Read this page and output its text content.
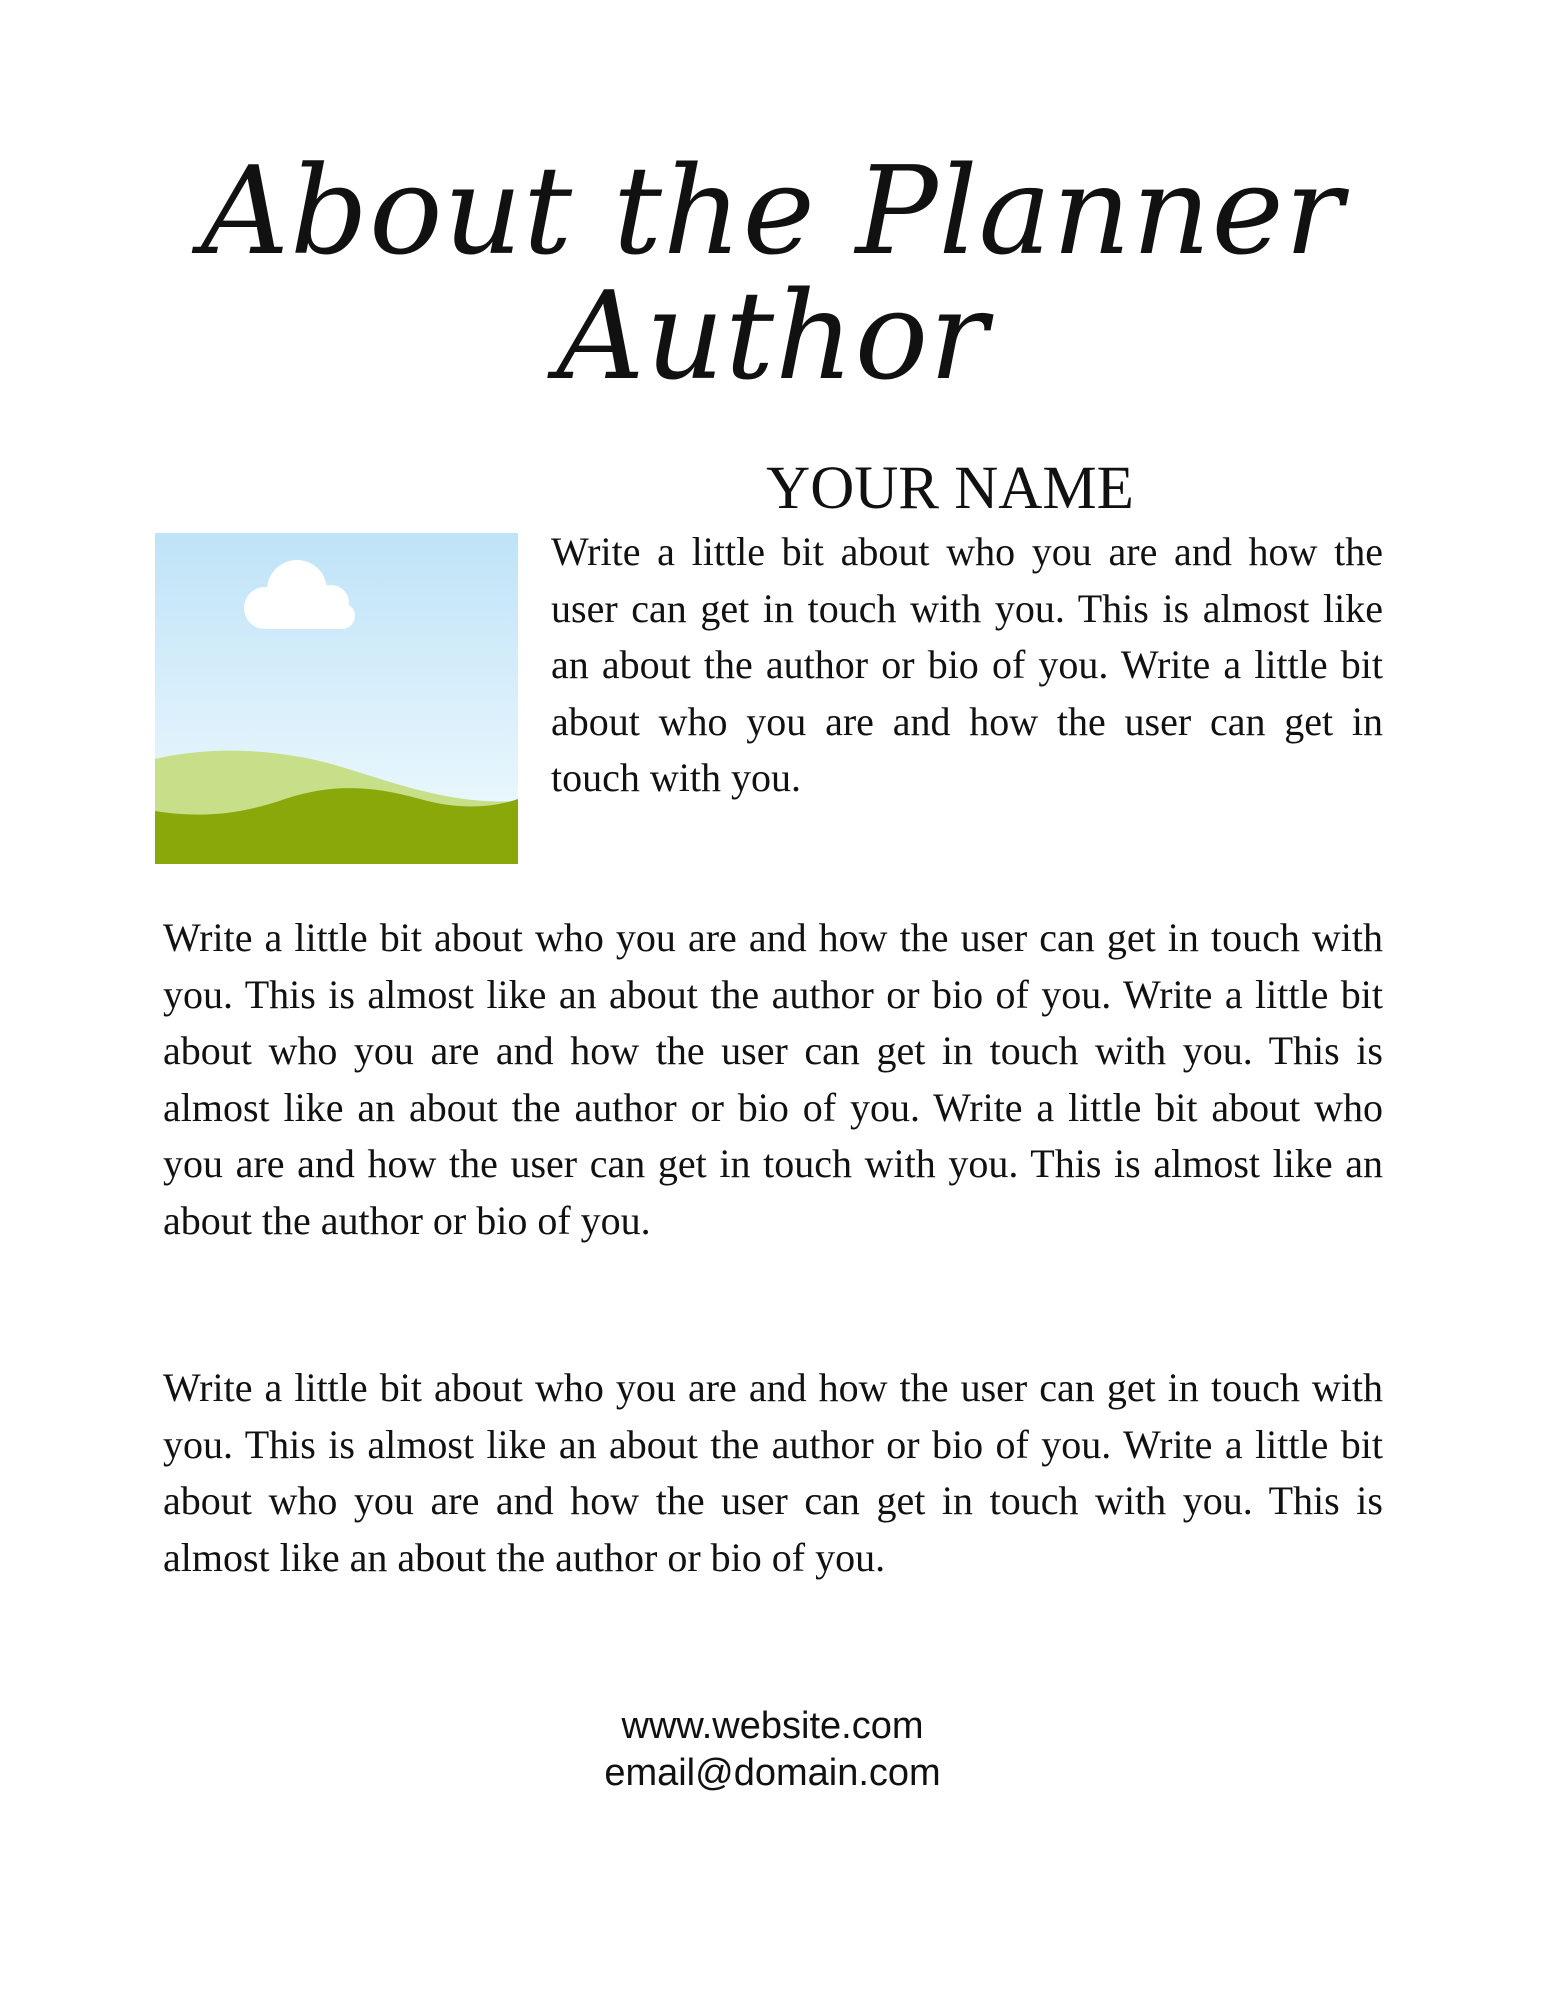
About the Planner
Author
YOUR NAME

Write a little bit about who you are and how the user can get in touch with you. This is almost like an about the author or bio of you. Write a little bit about who you are and how the user can get in touch with you.

Write a little bit about who you are and how the user can get in touch with you. This is almost like an about the author or bio of you. Write a little bit about who you are and how the user can get in touch with you. This is almost like an about the author or bio of you. Write a little bit about who you are and how the user can get in touch with you. This is almost like an about the author or bio of you.

Write a little bit about who you are and how the user can get in touch with you. This is almost like an about the author or bio of you. Write a little bit about who you are and how the user can get in touch with you. This is almost like an about the author or bio of you.

www.website.com
email@domain.com
